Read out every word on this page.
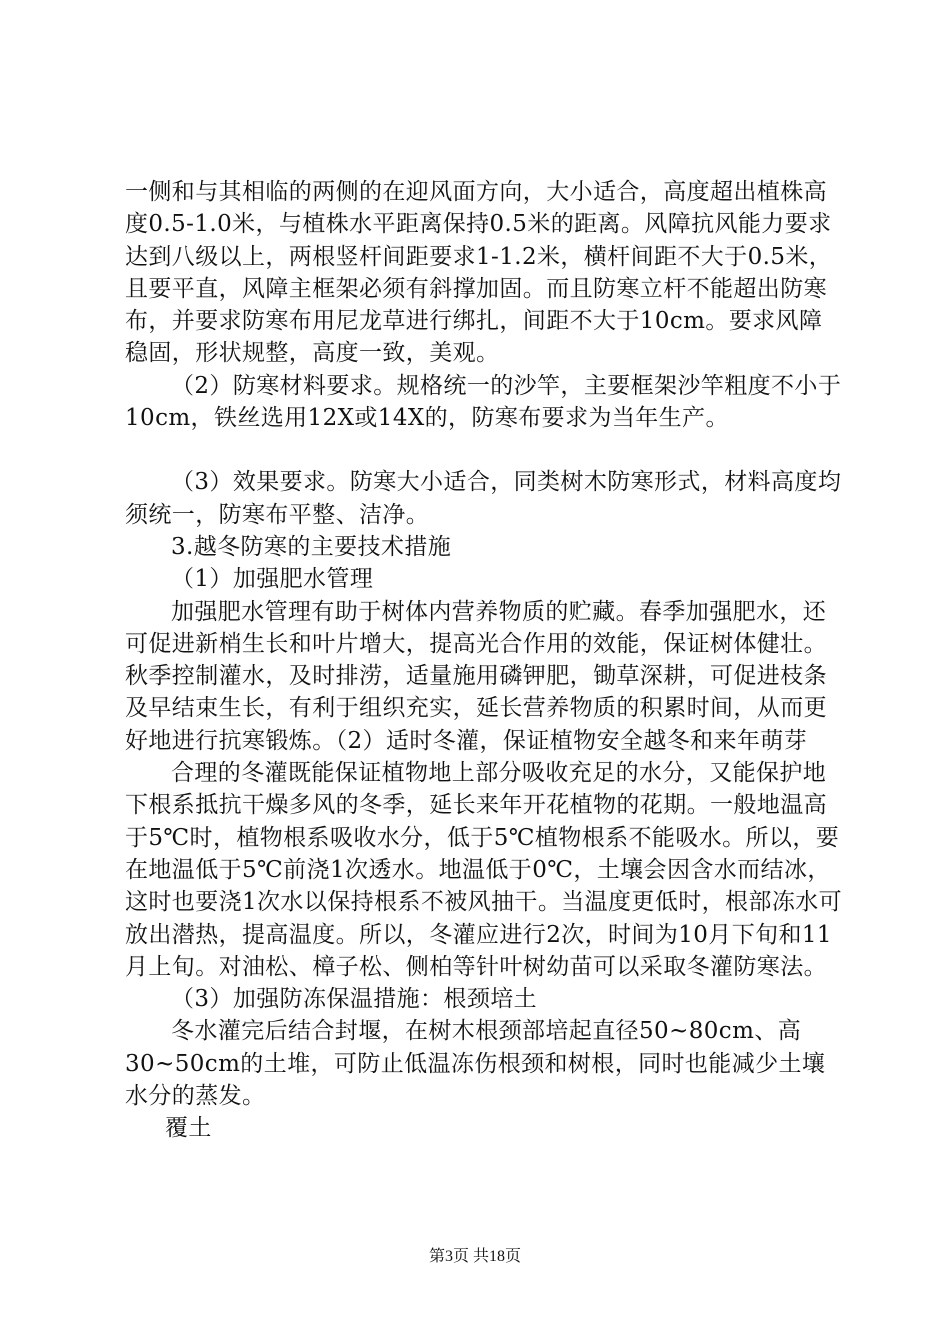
一侧和与其相临的两侧的在迎风面方向，大小适合，高度超出植株高度0.5-1.0米，与植株水平距离保持0.5米的距离。风障抗风能力要求达到八级以上，两根竖杆间距要求1-1.2米，横杆间距不大于0.5米，且要平直，风障主框架必须有斜撑加固。而且防寒立杆不能超出防寒布，并要求防寒布用尼龙草进行绑扎，间距不大于10cm。要求风障稳固，形状规整，高度一致，美观。

（2）防寒材料要求。规格统一的沙竿，主要框架沙竿粗度不小于10cm，铁丝选用12X或14X的，防寒布要求为当年生产。

（3）效果要求。防寒大小适合，同类树木防寒形式，材料高度均须统一，防寒布平整、洁净。

3.越冬防寒的主要技术措施

（1）加强肥水管理

加强肥水管理有助于树体内营养物质的贮藏。春季加强肥水，还可促进新梢生长和叶片增大，提高光合作用的效能，保证树体健壮。秋季控制灌水，及时排涝，适量施用磷钾肥，锄草深耕，可促进枝条及早结束生长，有利于组织充实，延长营养物质的积累时间，从而更好地进行抗寒锻炼。（2）适时冬灌，保证植物安全越冬和来年萌芽

合理的冬灌既能保证植物地上部分吸收充足的水分，又能保护地下根系抵抗干燥多风的冬季，延长来年开花植物的花期。一般地温高于5℃时，植物根系吸收水分，低于5℃植物根系不能吸水。所以，要在地温低于5℃前浇1次透水。地温低于0℃，土壤会因含水而结冰，这时也要浇1次水以保持根系不被风抽干。当温度更低时，根部冻水可放出潜热，提高温度。所以，冬灌应进行2次，时间为10月下旬和11月上旬。对油松、樟子松、侧柏等针叶树幼苗可以采取冬灌防寒法。

（3）加强防冻保温措施：根颈培土

冬水灌完后结合封堰，在树木根颈部培起直径50~80cm、高30~50cm的土堆，可防止低温冻伤根颈和树根，同时也能减少土壤水分的蒸发。

覆土

第3页 共18页
